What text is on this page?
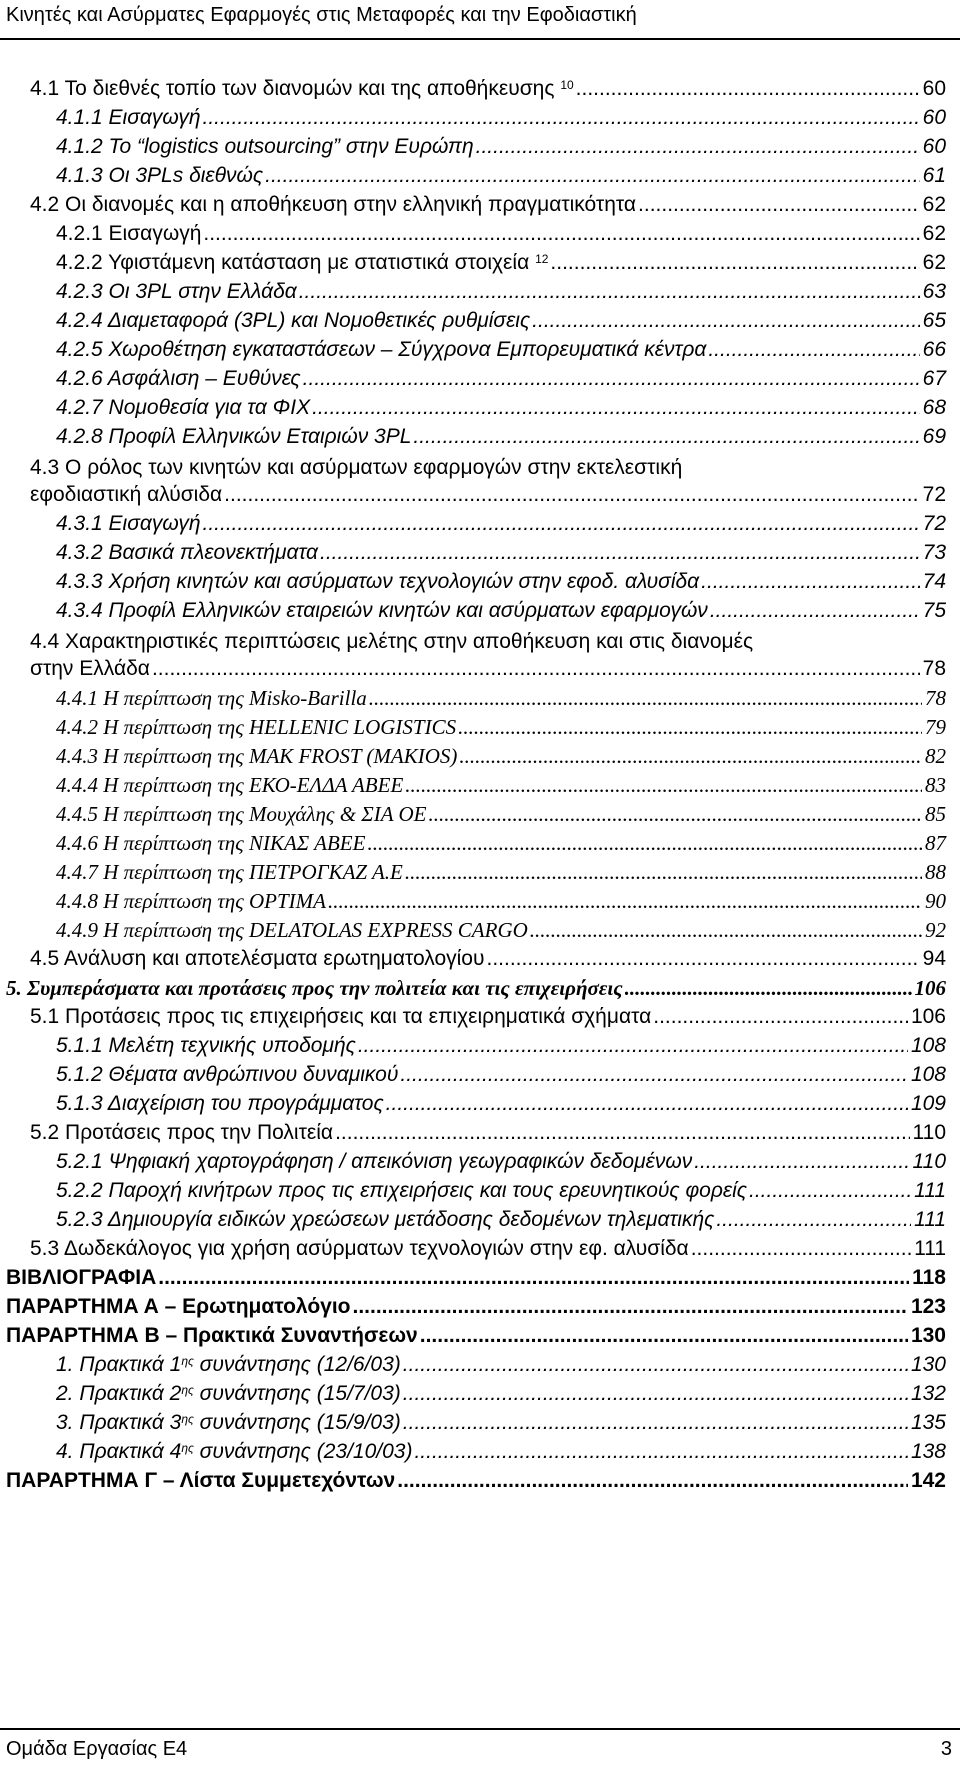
Κινητές και Ασύρματες Εφαρμογές στις Μεταφορές και την Εφοδιαστική
4.1 Το διεθνές τοπίο των διανομών και της αποθήκευσης $^{10}$ .....	60
4.1.1 Εισαγωγή .....	60
4.1.2 Το “logistics outsourcing” στην Ευρώπη .....	60
4.1.3 Οι 3PLs διεθνώς .....	61
4.2 Οι διανομές και η αποθήκευση στην ελληνική πραγματικότητα .....	62
4.2.1 Εισαγωγή .....	62
4.2.2 Υφιστάμενη κατάσταση με στατιστικά στοιχεία $^{12}$ .....	62
4.2.3 Οι 3PL στην Ελλάδα .....	63
4.2.4 Διαμεταφορά (3PL) και Νομοθετικές ρυθμίσεις .....	65
4.2.5 Χωροθέτηση εγκαταστάσεων – Σύγχρονα Εμπορευματικά κέντρα .....	66
4.2.6 Ασφάλιση – Ευθύνες .....	67
4.2.7 Νομοθεσία για τα ΦΙΧ .....	68
4.2.8 Προφίλ Ελληνικών Εταιριών 3PL .....	69
4.3 Ο ρόλος των κινητών και ασύρματων εφαρμογών στην εκτελεστική
εφοδιαστική αλύσιδα .....	72
4.3.1 Εισαγωγή .....	72
4.3.2 Βασικά πλεονεκτήματα .....	73
4.3.3 Χρήση κινητών και ασύρματων τεχνολογιών στην εφοδ. αλυσίδα .....	74
4.3.4 Προφίλ Ελληνικών εταιρειών κινητών και ασύρματων εφαρμογών .....	75
4.4 Χαρακτηριστικές περιπτώσεις μελέτης στην αποθήκευση και στις διανομές
στην Ελλάδα .....	78
4.4.1 Η περίπτωση της Misko-Barilla .....	78
4.4.2 Η περίπτωση της HELLENIC LOGISTICS .....	79
4.4.3 Η περίπτωση της MAK FROST (MAKIOS) .....	82
4.4.4 Η περίπτωση της ΕΚΟ-ΕΛΔΑ ΑΒΕΕ .....	83
4.4.5 Η περίπτωση της Μουχάλης & ΣΙΑ ΟΕ .....	85
4.4.6 Η περίπτωση της ΝΙΚΑΣ ΑΒΕΕ .....	87
4.4.7 Η περίπτωση της ΠΕΤΡΟΓΚΑΖ Α.Ε .....	88
4.4.8 Η περίπτωση της OPTIMA .....	90
4.4.9 Η περίπτωση της DELATOLAS EXPRESS CARGO .....	92
4.5 Ανάλυση και αποτελέσματα ερωτηματολογίου .....	94
5. Συμπεράσματα και προτάσεις προς την πολιτεία και τις επιχειρήσεις .....	106
5.1 Προτάσεις προς τις επιχειρήσεις και τα επιχειρηματικά σχήματα .....	106
5.1.1 Μελέτη τεχνικής υποδομής .....	108
5.1.2 Θέματα ανθρώπινου δυναμικού .....	108
5.1.3 Διαχείριση του προγράμματος .....	109
5.2 Προτάσεις προς την Πολιτεία .....	110
5.2.1 Ψηφιακή χαρτογράφηση / απεικόνιση γεωγραφικών δεδομένων .....	110
5.2.2 Παροχή κινήτρων προς τις επιχειρήσεις και τους ερευνητικούς φορείς .....	111
5.2.3 Δημιουργία ειδικών χρεώσεων μετάδοσης δεδομένων τηλεματικής .....	111
5.3 Δωδεκάλογος για χρήση ασύρματων τεχνολογιών στην εφ. αλυσίδα .....	111
ΒΙΒΛΙΟΓΡΑΦΙΑ .....	118
ΠΑΡΑΡΤΗΜΑ Α – Ερωτηματολόγιο .....	123
ΠΑΡΑΡΤΗΜΑ Β – Πρακτικά Συναντήσεων .....	130
1. Πρακτικά $1^{\eta\varsigma}$ συνάντησης (12/6/03) .....	130
2. Πρακτικά $2^{\eta\varsigma}$ συνάντησης (15/7/03) .....	132
3. Πρακτικά $3^{\eta\varsigma}$ συνάντησης (15/9/03) .....	135
4. Πρακτικά $4^{\eta\varsigma}$ συνάντησης (23/10/03) .....	138
ΠΑΡΑΡΤΗΜΑ Γ – Λίστα Συμμετεχόντων .....	142
Ομάδα Εργασίας Ε4	3
